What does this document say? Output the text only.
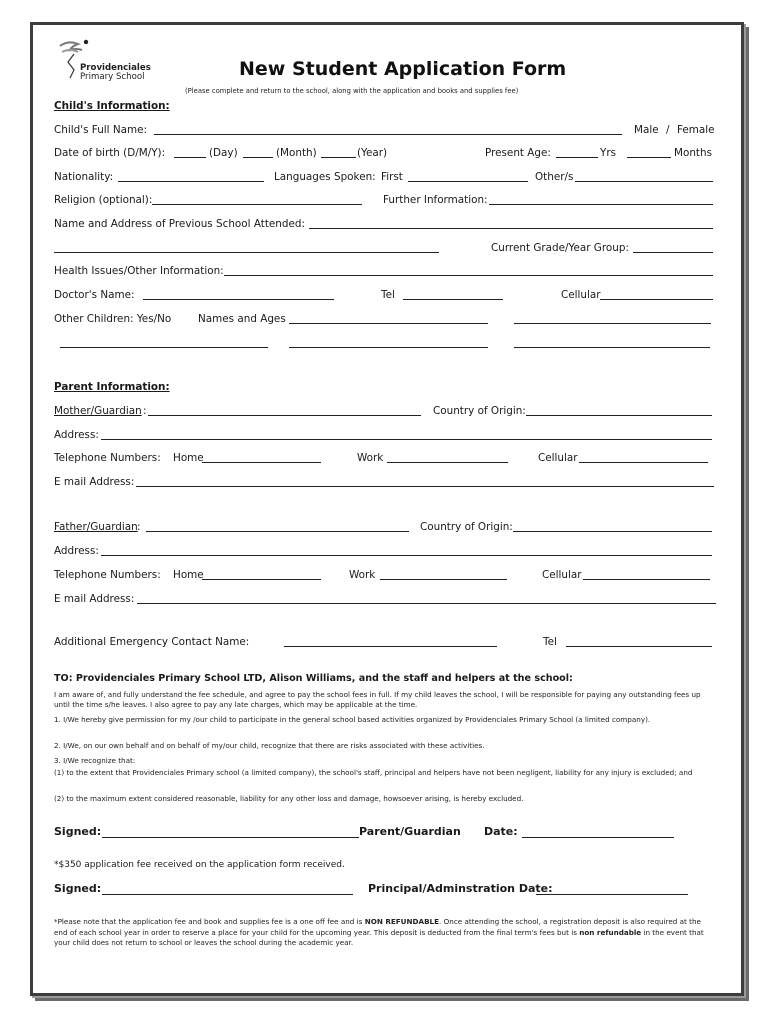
Providenciales
Primary School	New Student Application Form
(Please complete and return to the school, along with the application and books and supplies fee)
Child's Information:
Child's Full Name:	Male / Female
Date of birth (D/M/Y):	(Day)	(Month)	(Year)	Present Age:	Yrs	Months
Nationality:	Languages Spoken: First	Other/s
Religion (optional):	Further Information:
Name and Address of Previous School Attended:
Current Grade/Year Group:
Health Issues/Other Information:
Doctor's Name:	Tel	Cellular
Other Children: Yes/No	Names and Ages
Parent Information:
Mother/Guardian :	Country of Origin:
Address:
Telephone Numbers: Home	Work	Cellular
E mail Address:
Father/Guardian :	Country of Origin:
Address:
Telephone Numbers: Home	Work	Cellular
E mail Address:
Additional Emergency Contact Name:	Tel
TO: Providenciales Primary School LTD, Alison Williams, and the staff and helpers at the school:
I am aware of, and fully understand the fee schedule, and agree to pay the school fees in full. If my child leaves the school, I will be responsible for paying any outstanding fees up until the time s/he leaves. I also agree to pay any late charges, which may be applicable at the time.
1. I/We hereby give permission for my /our child to participate in the general school based activities organized by Providenciales Primary School (a limited company).
2. I/We, on our own behalf and on behalf of my/our child, recognize that there are risks associated with these activities.
3. I/We recognize that:
(1) to the extent that Providenciales Primary school (a limited company), the school's staff, principal and helpers have not been negligent, liability for any injury is excluded; and
(2) to the maximum extent considered reasonable, liability for any other loss and damage, howsoever arising, is hereby excluded.
Signed:	Parent/Guardian Date:
*$350 application fee received on the application form received.
Signed:	Principal/Adminstration Date:
*Please note that the application fee and book and supplies fee is a one off fee and is NON REFUNDABLE. Once attending the school, a registration deposit is also required at the end of each school year in order to reserve a place for your child for the upcoming year. This deposit is deducted from the final term's fees but is non refundable in the event that your child does not return to school or leaves the school during the academic year.
